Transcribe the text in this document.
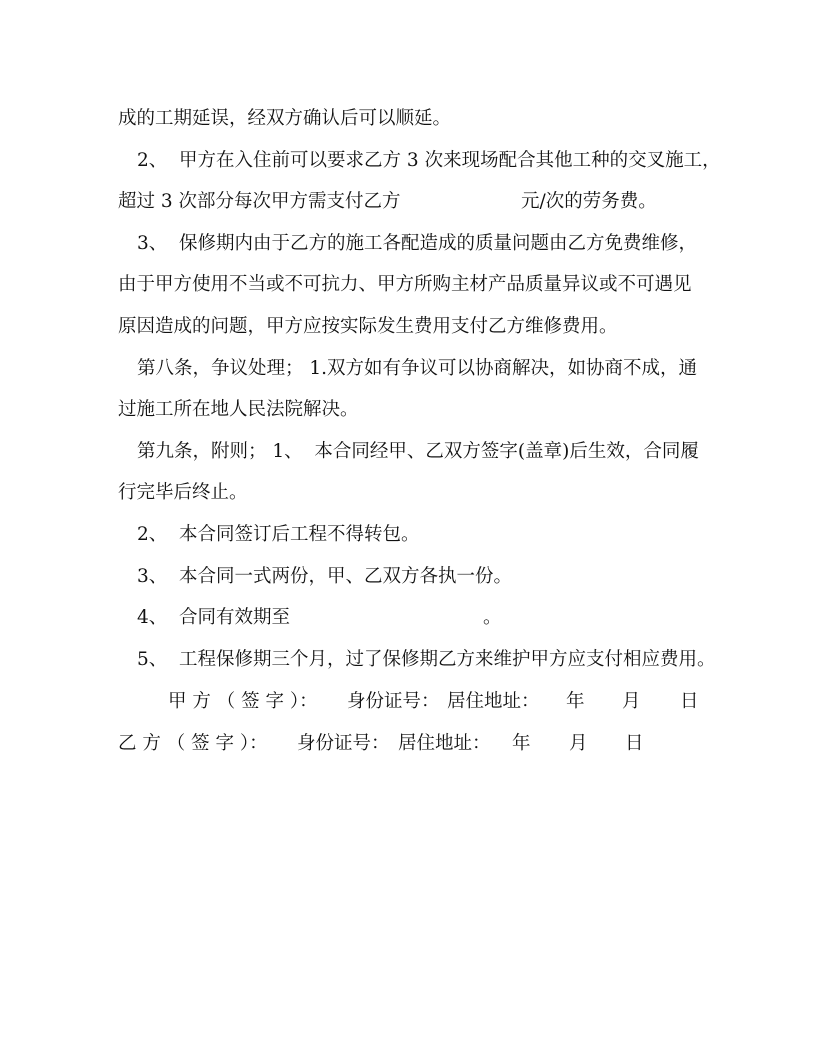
成的工期延误，经双方确认后可以顺延。
2、  甲方在入住前可以要求乙方 3 次来现场配合其他工种的交叉施工，
超过 3 次部分每次甲方需支付乙方	元/次的劳务费。
3、  保修期内由于乙方的施工各配造成的质量问题由乙方免费维修，
由于甲方使用不当或不可抗力、甲方所购主材产品质量异议或不可遇见
原因造成的问题，甲方应按实际发生费用支付乙方维修费用。
第八条，争议处理； 1.双方如有争议可以协商解决，如协商不成，通
过施工所在地人民法院解决。
第九条，附则； 1、  本合同经甲、乙双方签字(盖章)后生效，合同履
行完毕后终止。
2、  本合同签订后工程不得转包。
3、  本合同一式两份，甲、乙双方各执一份。
4、  合同有效期至	。
5、  工程保修期三个月，过了保修期乙方来维护甲方应支付相应费用。
甲 方 （ 签 字 ）： 身份证号： 居住地址： 年 月 日
乙 方 （ 签 字 ）： 身份证号： 居住地址： 年 月 日
